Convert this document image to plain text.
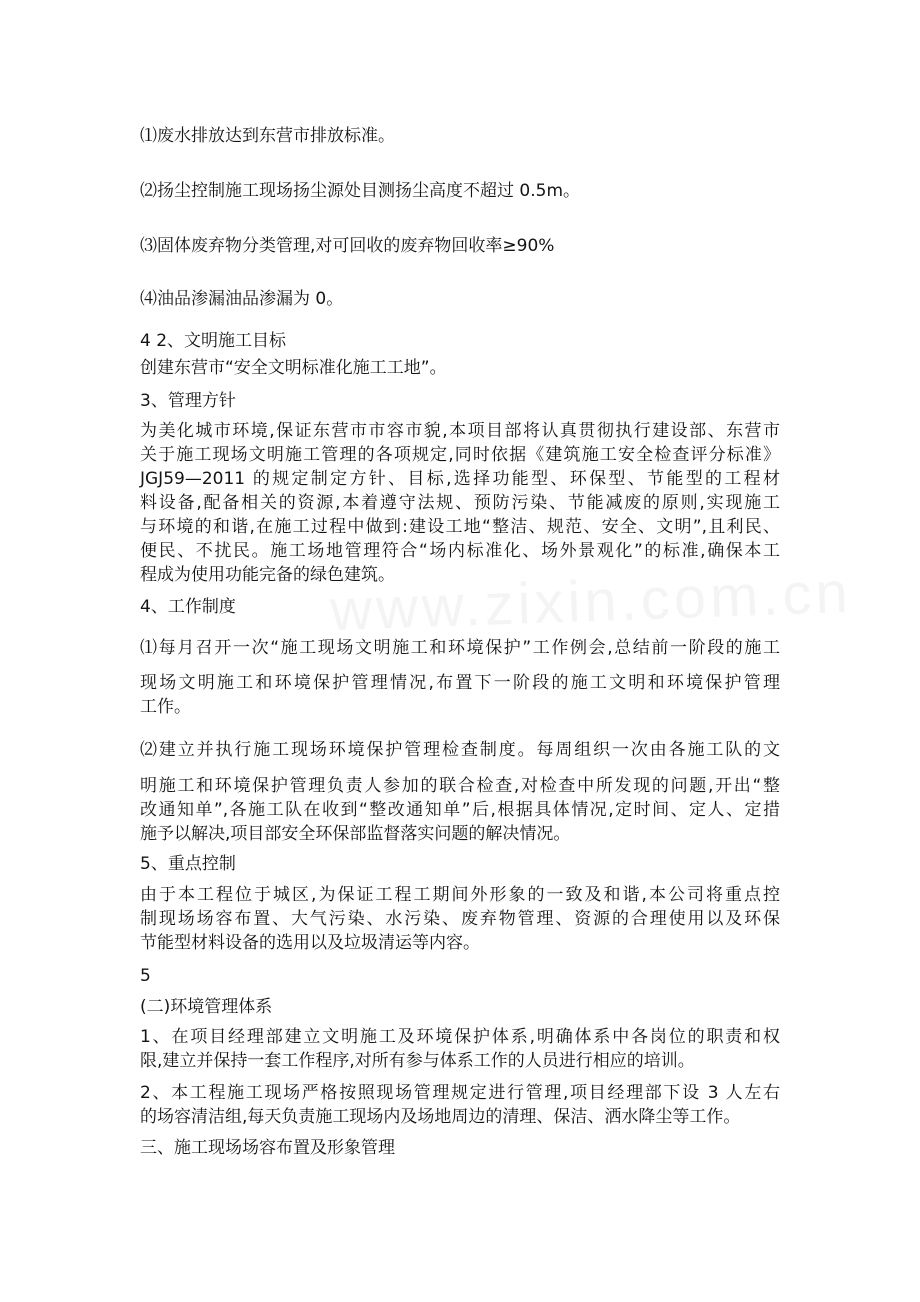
www.zixin.com.cn

⑴废水排放达到东营市排放标准。

⑵扬尘控制施工现场扬尘源处目测扬尘高度不超过 0.5m。

⑶固体废弃物分类管理,对可回收的废弃物回收率≥90%

⑷油品渗漏油品渗漏为 0。

4 2、文明施工目标

创建东营市“安全文明标准化施工工地”。

3、管理方针

为美化城市环境,保证东营市市容市貌,本项目部将认真贯彻执行建设部、东营市

关于施工现场文明施工管理的各项规定,同时依据《建筑施工安全检查评分标准》

JGJ59—2011 的规定制定方针、目标,选择功能型、环保型、节能型的工程材

料设备,配备相关的资源,本着遵守法规、预防污染、节能减废的原则,实现施工

与环境的和谐,在施工过程中做到:建设工地“整洁、规范、安全、文明”,且利民、

便民、不扰民。施工场地管理符合“场内标准化、场外景观化”的标准,确保本工

程成为使用功能完备的绿色建筑。

4、工作制度

⑴每月召开一次“施工现场文明施工和环境保护”工作例会,总结前一阶段的施工

现场文明施工和环境保护管理情况,布置下一阶段的施工文明和环境保护管理

工作。

⑵建立并执行施工现场环境保护管理检查制度。每周组织一次由各施工队的文

明施工和环境保护管理负责人参加的联合检查,对检查中所发现的问题,开出“整

改通知单”,各施工队在收到“整改通知单”后,根据具体情况,定时间、定人、定措

施予以解决,项目部安全环保部监督落实问题的解决情况。

5、重点控制

由于本工程位于城区,为保证工程工期间外形象的一致及和谐,本公司将重点控

制现场场容布置、大气污染、水污染、废弃物管理、资源的合理使用以及环保

节能型材料设备的选用以及垃圾清运等内容。

5

(二)环境管理体系

1、在项目经理部建立文明施工及环境保护体系,明确体系中各岗位的职责和权

限,建立并保持一套工作程序,对所有参与体系工作的人员进行相应的培训。

2、本工程施工现场严格按照现场管理规定进行管理,项目经理部下设 3 人左右

的场容清洁组,每天负责施工现场内及场地周边的清理、保洁、洒水降尘等工作。

三、施工现场场容布置及形象管理
